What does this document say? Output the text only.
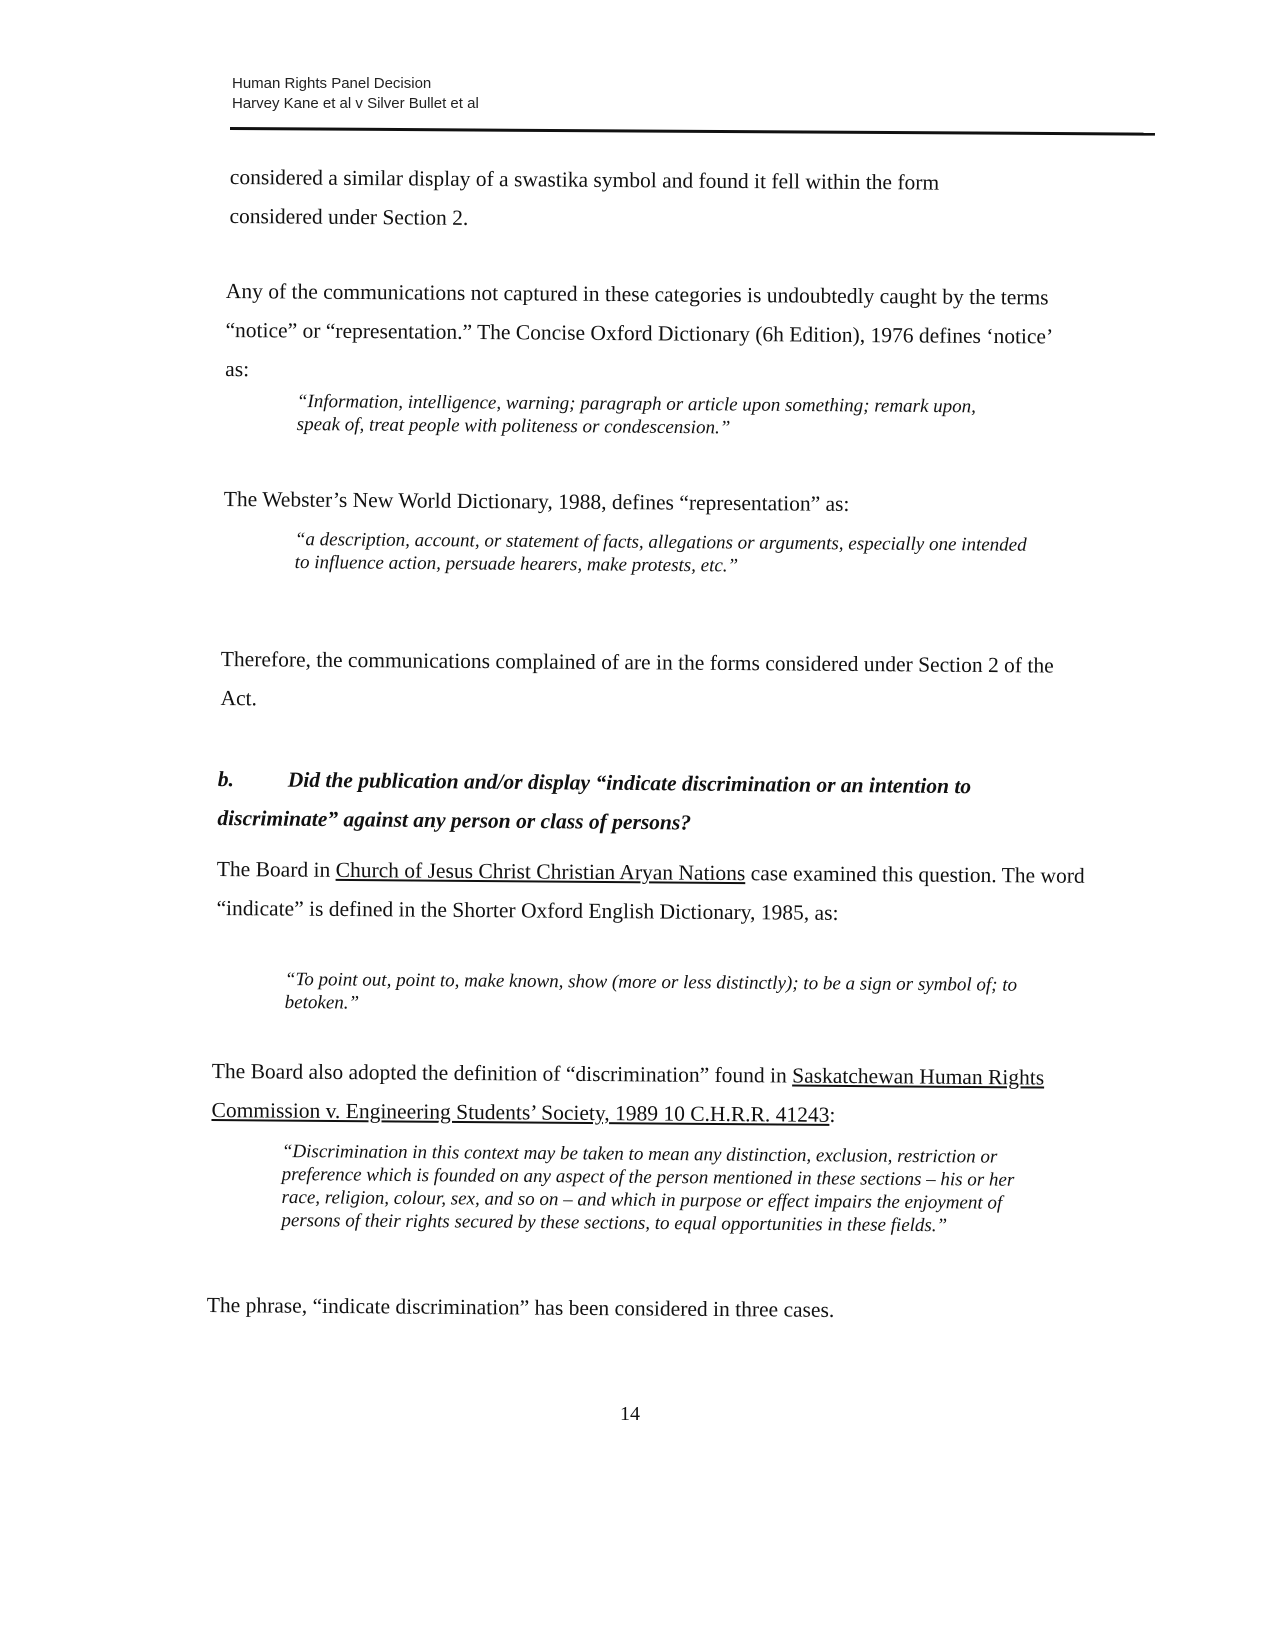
Human Rights Panel Decision
Harvey Kane et al v Silver Bullet et al

considered a similar display of a swastika symbol and found it fell within the form considered under Section 2.

Any of the communications not captured in these categories is undoubtedly caught by the terms “notice” or “representation.” The Concise Oxford Dictionary (6h Edition), 1976 defines ‘notice’ as:

“Information, intelligence, warning; paragraph or article upon something; remark upon, speak of, treat people with politeness or condescension.”

The Webster’s New World Dictionary, 1988, defines “representation” as:

“a description, account, or statement of facts, allegations or arguments, especially one intended to influence action, persuade hearers, make protests, etc.”

Therefore, the communications complained of are in the forms considered under Section 2 of the Act.

b. Did the publication and/or display “indicate discrimination or an intention to discriminate” against any person or class of persons?

The Board in Church of Jesus Christ Christian Aryan Nations case examined this question. The word “indicate” is defined in the Shorter Oxford English Dictionary, 1985, as:

“To point out, point to, make known, show (more or less distinctly); to be a sign or symbol of; to betoken.”

The Board also adopted the definition of “discrimination” found in Saskatchewan Human Rights Commission v. Engineering Students’ Society, 1989 10 C.H.R.R. 41243:

“Discrimination in this context may be taken to mean any distinction, exclusion, restriction or preference which is founded on any aspect of the person mentioned in these sections – his or her race, religion, colour, sex, and so on – and which in purpose or effect impairs the enjoyment of persons of their rights secured by these sections, to equal opportunities in these fields.”

The phrase, “indicate discrimination” has been considered in three cases.

14
